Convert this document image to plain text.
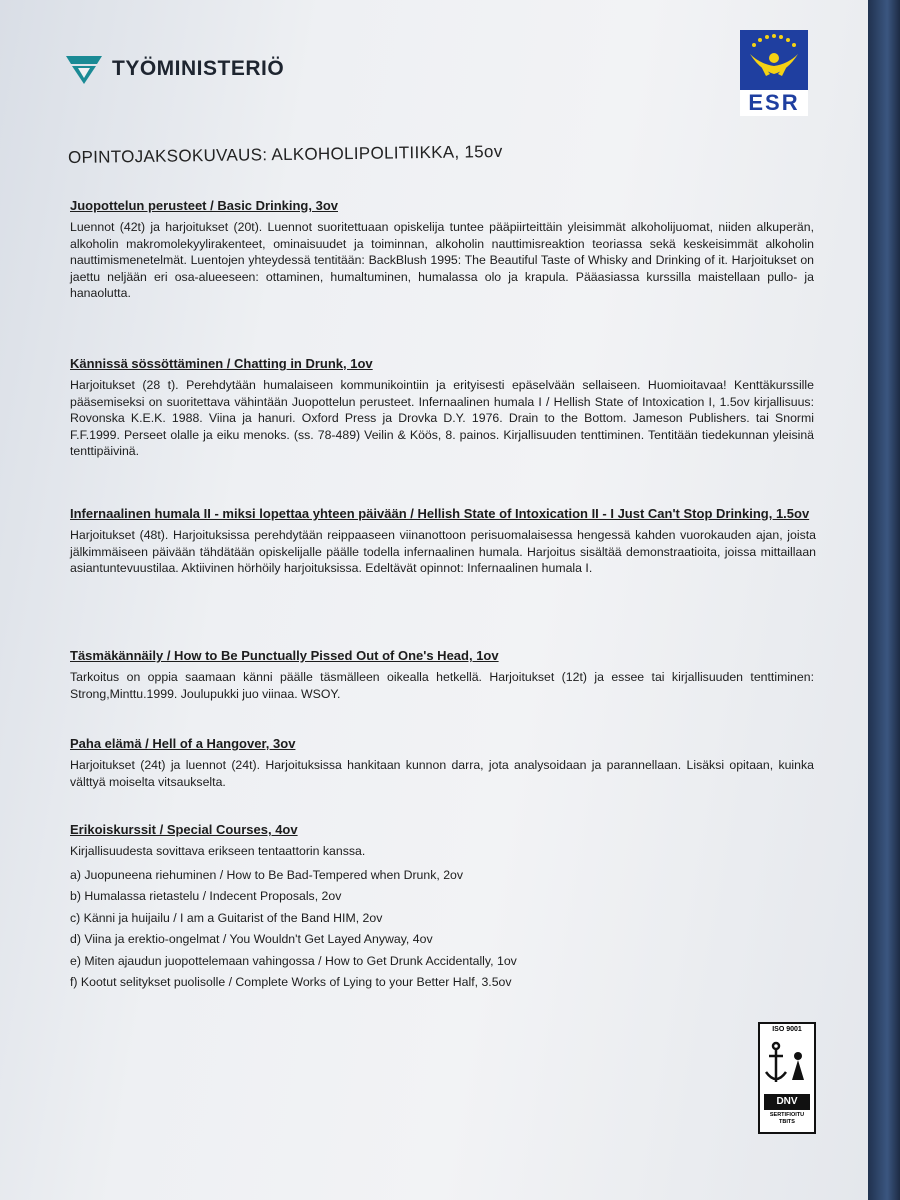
TYÖMINISTERIÖ
ESR
OPINTOJAKSOKUVAUS: ALKOHOLIPOLITIIKKA, 15ov
Juopottelun perusteet / Basic Drinking, 3ov

Luennot (42t) ja harjoitukset (20t). Luennot suoritettuaan opiskelija tuntee pääpiirteittäin yleisimmät alkoholijuomat, niiden alkuperän, alkoholin makromolekyylirakenteet, ominaisuudet ja toiminnan, alkoholin nauttimisreaktion teoriassa sekä keskeisimmät alkoholin nauttimismenetelmät. Luentojen yhteydessä tentitään: BackBlush 1995: The Beautiful Taste of Whisky and Drinking of it. Harjoitukset on jaettu neljään eri osa-alueeseen: ottaminen, humaltuminen, humalassa olo ja krapula. Pääasiassa kurssilla maistellaan pullo- ja hanaolutta.

Kännissä sössöttäminen / Chatting in Drunk, 1ov

Harjoitukset (28 t). Perehdytään humalaiseen kommunikointiin ja erityisesti epäselvään sellaiseen. Huomioitavaa! Kenttäkurssille pääsemiseksi on suoritettava vähintään Juopottelun perusteet. Infernaalinen humala I / Hellish State of Intoxication I, 1.5ov kirjallisuus: Rovonska K.E.K. 1988. Viina ja hanuri. Oxford Press ja Drovka D.Y. 1976. Drain to the Bottom. Jameson Publishers. tai Snormi F.F.1999. Perseet olalle ja eiku menoks. (ss. 78-489) Veilin & Köös, 8. painos. Kirjallisuuden tenttiminen. Tentitään tiedekunnan yleisinä tenttipäivinä.

Infernaalinen humala II - miksi lopettaa yhteen päivään / Hellish State of Intoxication II - I Just Can't Stop Drinking, 1.5ov

Harjoitukset (48t). Harjoituksissa perehdytään reippaaseen viinanottoon perisuomalaisessa hengessä kahden vuorokauden ajan, joista jälkimmäiseen päivään tähdätään opiskelijalle päälle todella infernaalinen humala. Harjoitus sisältää demonstraatioita, joissa mittaillaan asiantuntevuustilaa. Aktiivinen hörhöily harjoituksissa. Edeltävät opinnot: Infernaalinen humala I.

Täsmäkännäily / How to Be Punctually Pissed Out of One's Head, 1ov

Tarkoitus on oppia saamaan känni päälle täsmälleen oikealla hetkellä. Harjoitukset (12t) ja essee tai kirjallisuuden tenttiminen: Strong,Minttu.1999. Joulupukki juo viinaa. WSOY.

Paha elämä / Hell of a Hangover, 3ov

Harjoitukset (24t) ja luennot (24t). Harjoituksissa hankitaan kunnon darra, jota analysoidaan ja parannellaan. Lisäksi opitaan, kuinka välttyä moiselta vitsaukselta.

Erikoiskurssit / Special Courses, 4ov

Kirjallisuudesta sovittava erikseen tentaattorin kanssa.

a) Juopuneena riehuminen / How to Be Bad-Tempered when Drunk, 2ov
b) Humalassa rietastelu / Indecent Proposals, 2ov
c) Känni ja huijailu / I am a Guitarist of the Band HIM, 2ov
d) Viina ja erektio-ongelmat / You Wouldn't Get Layed Anyway, 4ov
e) Miten ajaudun juopottelemaan vahingossa / How to Get Drunk Accidentally, 1ov
f) Kootut selitykset puolisolle / Complete Works of Lying to your Better Half, 3.5ov
ISO 9001
DNV
SERTIFIOITU TBITS
